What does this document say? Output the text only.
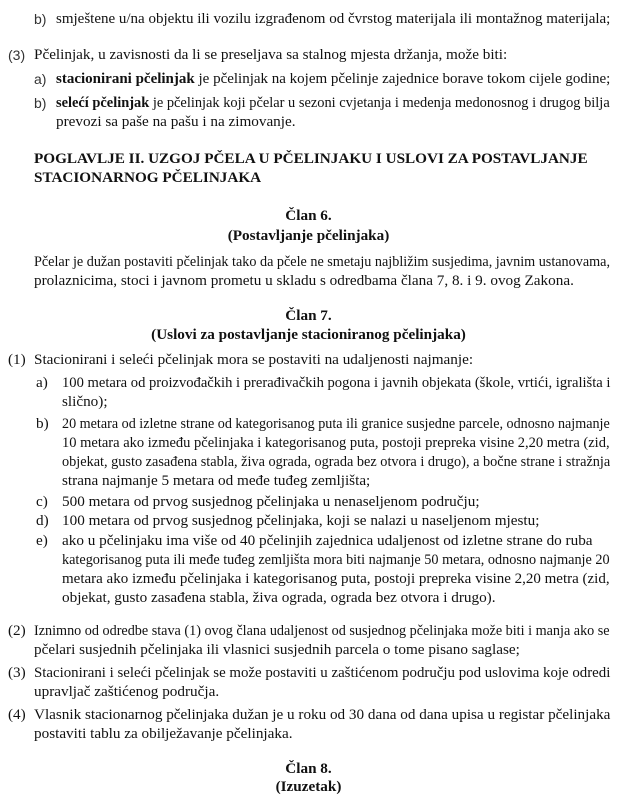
b) smještene u/na objektu ili vozilu izgrađenom od čvrstog materijala ili montažnog materijala;
(3) Pčelinjak, u zavisnosti da li se preseljava sa stalnog mjesta držanja, može biti:
a) stacionirani pčelinjak je pčelinjak na kojem pčelinje zajednice borave tokom cijele godine;
b) selećí pčelinjak je pčelinjak koji pčelar u sezoni cvjetanja i medenja medonosnog i drugog bilja
prevozi sa paše na pašu i na zimovanje.
POGLAVLJE II. UZGOJ PČELA U PČELINJAKU I USLOVI ZA POSTAVLJANJE
STACIONARNOG PČELINJAKA
Član 6.
(Postavljanje pčelinjaka)
Pčelar je dužan postaviti pčelinjak tako da pčele ne smetaju najbližim susjedima, javnim ustanovama,
prolaznicima, stoci i javnom prometu u skladu s odredbama člana 7, 8. i 9. ovog Zakona.
Član 7.
(Uslovi za postavljanje stacioniranog pčelinjaka)
(1) Stacionirani i seleći pčelinjak mora se postaviti na udaljenosti najmanje:
a) 100 metara od proizvođačkih i prerađivačkih pogona i javnih objekata (škole, vrtići, igrališta i
slično);
b) 20 metara od izletne strane od kategorisanog puta ili granice susjedne parcele, odnosno najmanje
10 metara ako između pčelinjaka i kategorisanog puta, postoji prepreka visine 2,20 metra (zid,
objekat, gusto zasađena stabla, živa ograda, ograda bez otvora i drugo), a bočne strane i stražnja
strana najmanje 5 metara od međe tuđeg zemljišta;
c) 500 metara od prvog susjednog pčelinjaka u nenaseljenom području;
d) 100 metara od prvog susjednog pčelinjaka, koji se nalazi u naseljenom mjestu;
e) ako u pčelinjaku ima više od 40 pčelinjih zajednica udaljenost od izletne strane do ruba
kategorisanog puta ili međe tuđeg zemljišta mora biti najmanje 50 metara, odnosno najmanje 20
metara ako između pčelinjaka i kategorisanog puta, postoji prepreka visine 2,20 metra (zid,
objekat, gusto zasađena stabla, živa ograda, ograda bez otvora i drugo).
(2) Iznimno od odredbe stava (1) ovog člana udaljenost od susjednog pčelinjaka može biti i manja ako se
pčelari susjednih pčelinjaka ili vlasnici susjednih parcela o tome pisano saglase;
(3) Stacionirani i seleći pčelinjak se može postaviti u zaštićenom području pod uslovima koje odredi
upravljač zaštićenog područja.
(4) Vlasnik stacionarnog pčelinjaka dužan je u roku od 30 dana od dana upisa u registar pčelinjaka
postaviti tablu za obilježavanje pčelinjaka.
Član 8.
(Izuzetak)
